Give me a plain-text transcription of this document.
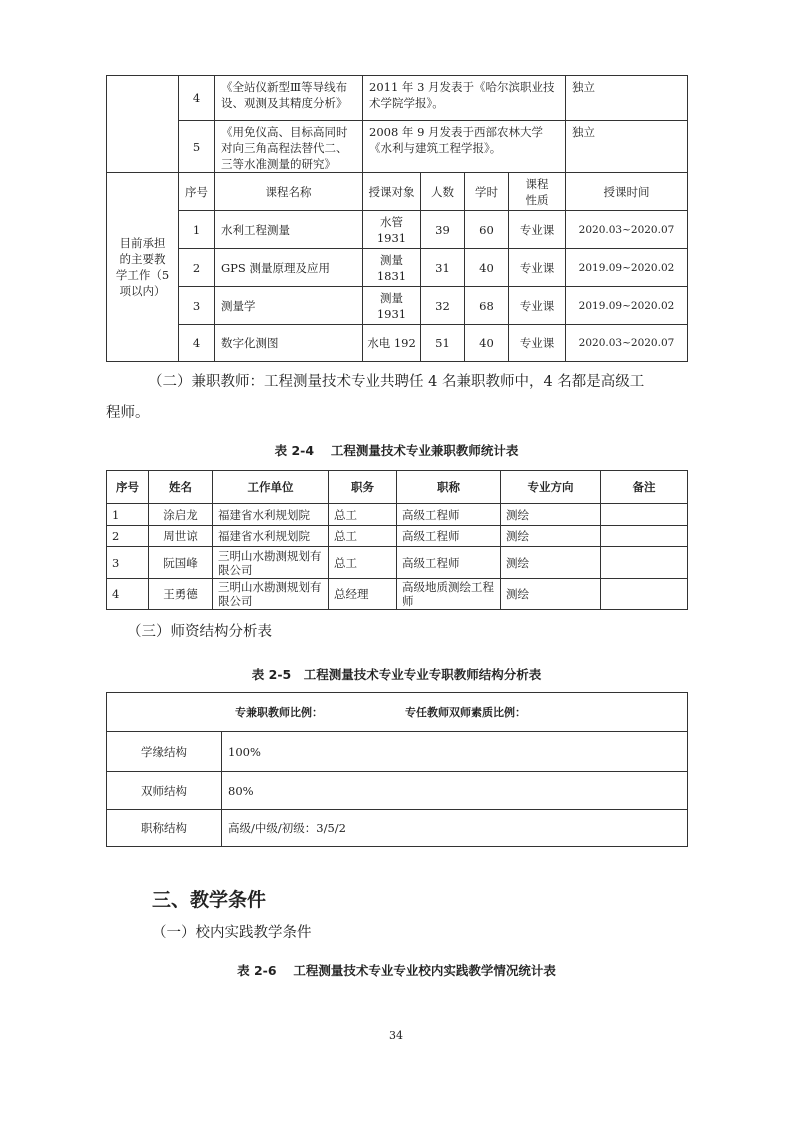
	4	《全站仪新型Ⅲ等导线布设、观测及其精度分析》	2011 年 3 月发表于《哈尔滨职业技术学院学报》。				独立
	5	《用免仪高、目标高同时对向三角高程法替代二、三等水准测量的研究》	2008 年 9 月发表于西部农林大学《水利与建筑工程学报》。				独立
目前承担的主要教学工作（5 项以内）	序号	课程名称	授课对象	人数	学时	课程性质	授课时间
	1	水利工程测量	水管 1931	39	60	专业课	2020.03~2020.07
	2	GPS 测量原理及应用	测量 1831	31	40	专业课	2019.09~2020.02
	3	测量学	测量 1931	32	68	专业课	2019.09~2020.02
	4	数字化测图	水电 192	51	40	专业课	2020.03~2020.07
（二）兼职教师：工程测量技术专业共聘任 4 名兼职教师中，4 名都是高级工
程师。
表 2-4　 工程测量技术专业兼职教师统计表
序号	姓名	工作单位	职务	职称	专业方向	备注
1	涂启龙	福建省水利规划院	总工	高级工程师	测绘	
2	周世谅	福建省水利规划院	总工	高级工程师	测绘	
3	阮国峰	三明山水勘测规划有限公司	总工	高级工程师	测绘	
4	王勇德	三明山水勘测规划有限公司	总经理	高级地质测绘工程师	测绘	
（三）师资结构分析表
表 2-5　工程测量技术专业专业专职教师结构分析表
专兼职教师比例： 专任教师双师素质比例：	
学缘结构	100%
双师结构	80%
职称结构	高级/中级/初级：3/5/2
三、教学条件
（一）校内实践教学条件
表 2-6　 工程测量技术专业专业校内实践教学情况统计表
34
